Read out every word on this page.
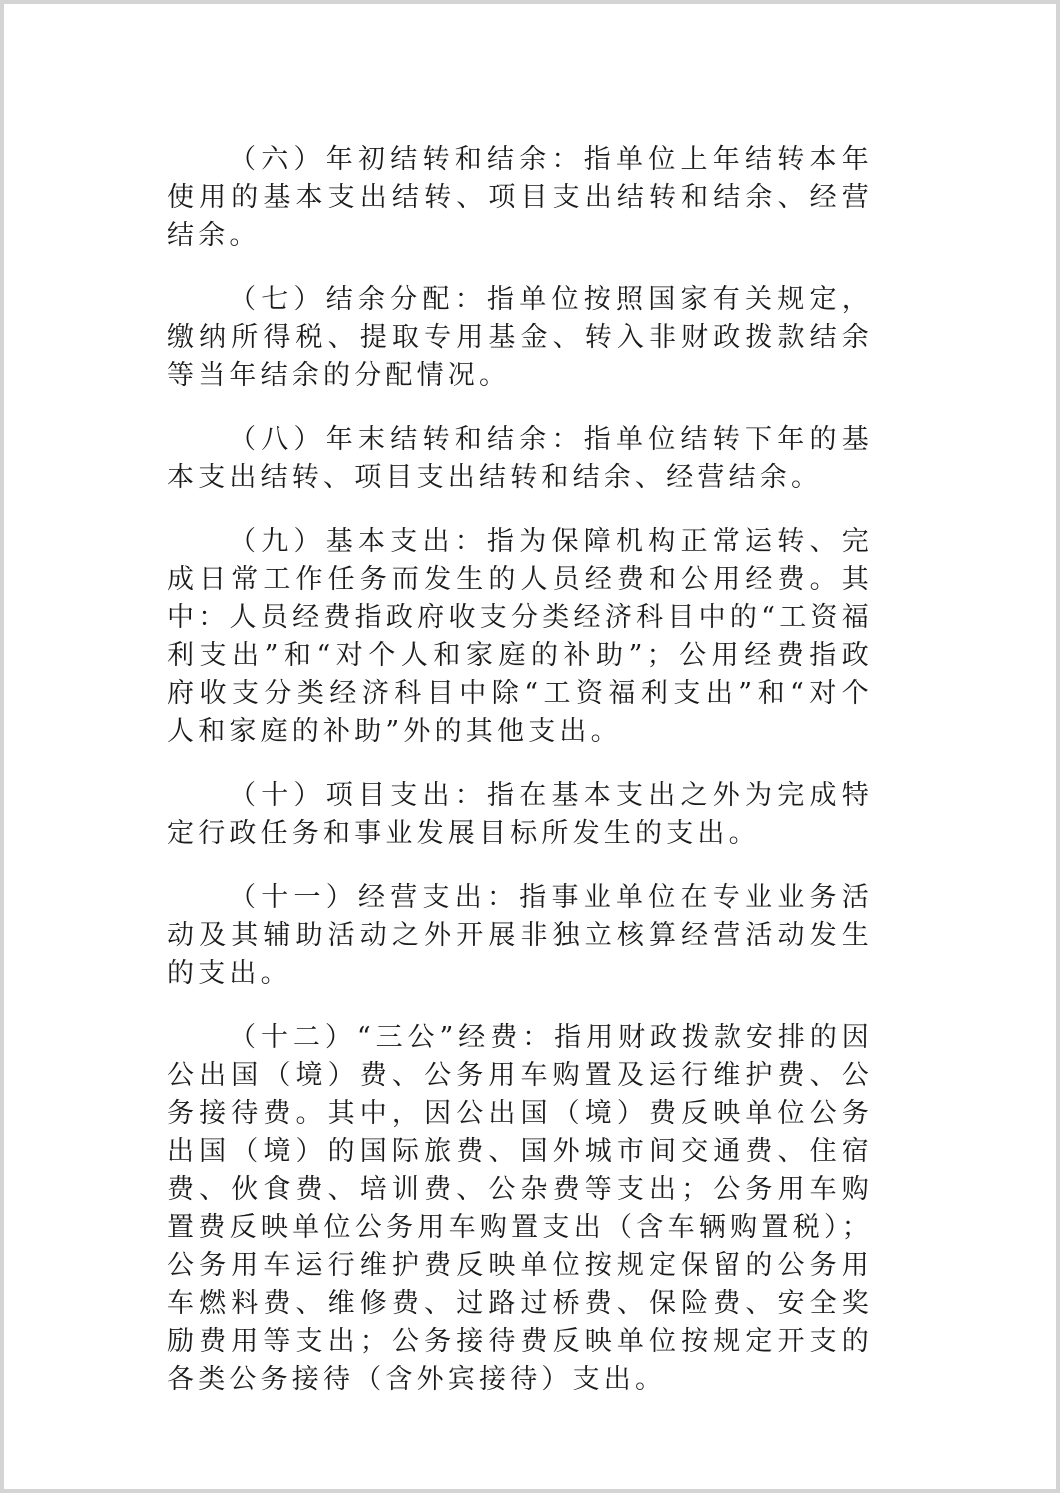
（六）年初结转和结余：指单位上年结转本年使用的基本支出结转、项目支出结转和结余、经营结余。

（七）结余分配：指单位按照国家有关规定，缴纳所得税、提取专用基金、转入非财政拨款结余等当年结余的分配情况。

（八）年末结转和结余：指单位结转下年的基本支出结转、项目支出结转和结余、经营结余。

（九）基本支出：指为保障机构正常运转、完成日常工作任务而发生的人员经费和公用经费。其中：人员经费指政府收支分类经济科目中的“工资福利支出”和“对个人和家庭的补助”；公用经费指政府收支分类经济科目中除“工资福利支出”和“对个人和家庭的补助”外的其他支出。

（十）项目支出：指在基本支出之外为完成特定行政任务和事业发展目标所发生的支出。

（十一）经营支出：指事业单位在专业业务活动及其辅助活动之外开展非独立核算经营活动发生的支出。

（十二）“三公”经费：指用财政拨款安排的因公出国（境）费、公务用车购置及运行维护费、公务接待费。其中，因公出国（境）费反映单位公务出国（境）的国际旅费、国外城市间交通费、住宿费、伙食费、培训费、公杂费等支出；公务用车购置费反映单位公务用车购置支出（含车辆购置税）；公务用车运行维护费反映单位按规定保留的公务用车燃料费、维修费、过路过桥费、保险费、安全奖励费用等支出；公务接待费反映单位按规定开支的各类公务接待（含外宾接待）支出。
